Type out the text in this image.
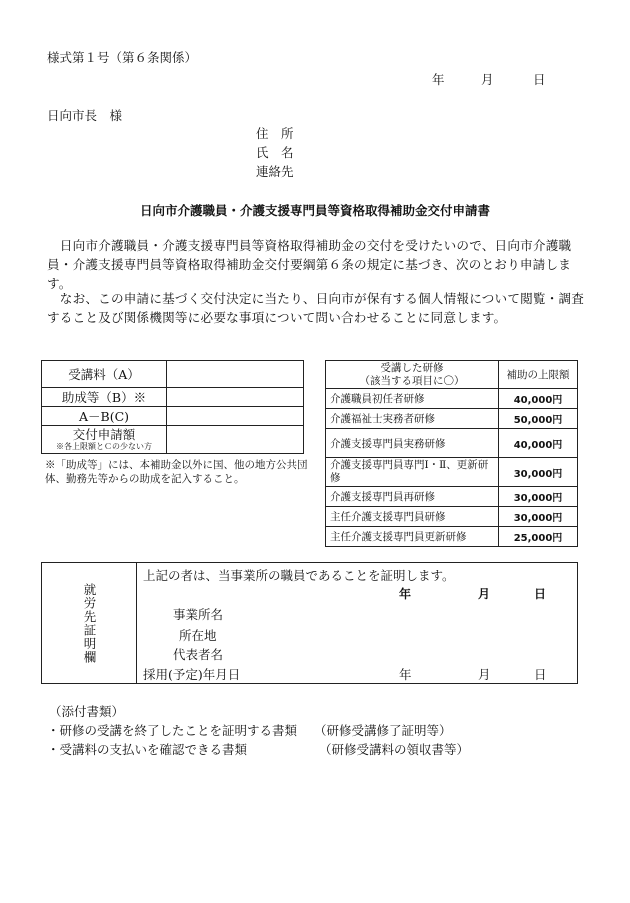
様式第１号（第６条関係）
年	月	日
日向市長　様
住　所
氏　名
連絡先
日向市介護職員・介護支援専門員等資格取得補助金交付申請書
　日向市介護職員・介護支援専門員等資格取得補助金の交付を受けたいので、日向市介護職員・介護支援専門員等資格取得補助金交付要綱第６条の規定に基づき、次のとおり申請します。
　なお、この申請に基づく交付決定に当たり、日向市が保有する個人情報について閲覧・調査すること及び関係機関等に必要な事項について問い合わせることに同意します。
受講料（A）	
助成等（B）※	
A－B(C)	
交付申請額
※各上限額とＣの少ない方	

※「助成等」には、本補助金以外に国、他の地方公共団体、勤務先等からの助成を記入すること。
受講した研修
（該当する項目に〇）	補助の上限額
介護職員初任者研修	40,000円
介護福祉士実務者研修	50,000円
介護支援専門員実務研修	40,000円
介護支援専門員専門Ⅰ・Ⅱ、更新研修	30,000円
介護支援専門員再研修	30,000円
主任介護支援専門員研修	30,000円
主任介護支援専門員更新研修	25,000円
就労先証明欄
上記の者は、当事業所の職員であることを証明します。
年	月	日
事業所名
所在地
代表者名
採用(予定)年月日	年	月	日
（添付書類）
・研修の受講を終了したことを証明する書類 （研修受講修了証明等）
・受講料の支払いを確認できる書類	（研修受講料の領収書等）
